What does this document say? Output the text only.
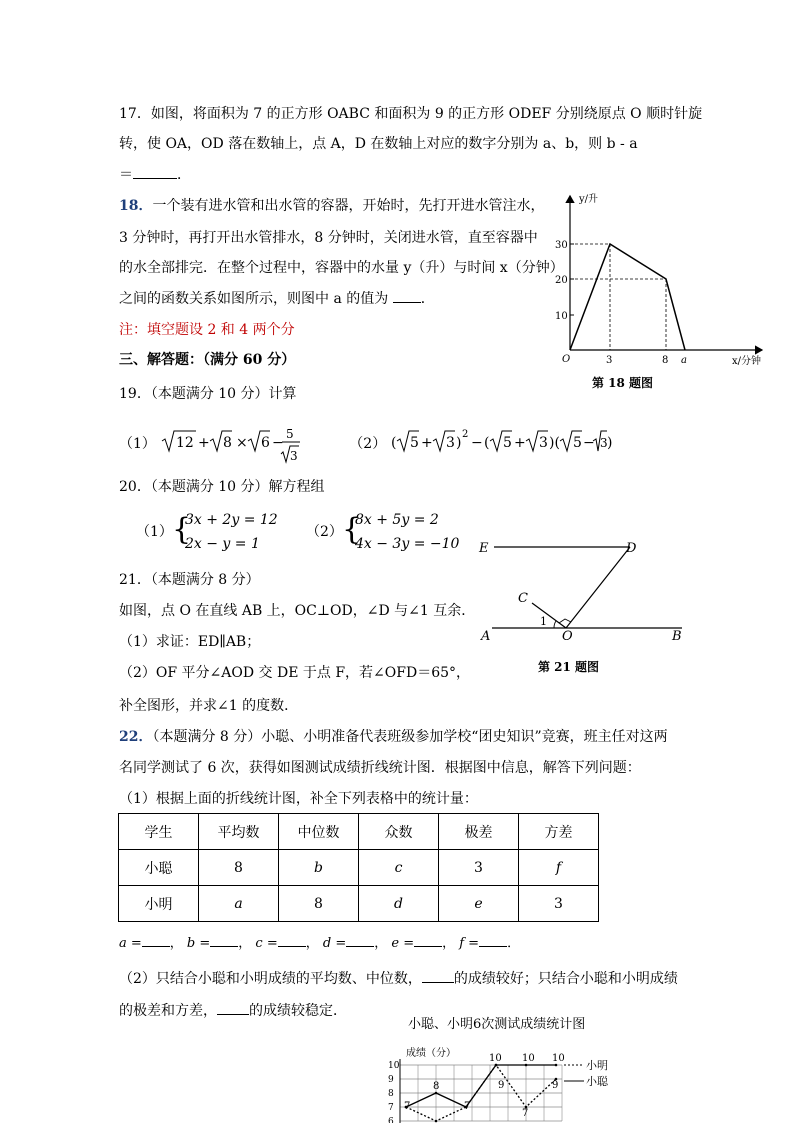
17．如图，将面积为 7 的正方形 OABC 和面积为 9 的正方形 ODEF 分别绕原点 O 顺时针旋
转，使 OA，OD 落在数轴上，点 A，D 在数轴上对应的数字分别为 a、b，则 b - a
＝	．
18．一个装有进水管和出水管的容器，开始时，先打开进水管注水，
3 分钟时，再打开出水管排水，8 分钟时，关闭进水管，直至容器中
的水全部排完．在整个过程中，容器中的水量 y（升）与时间 x（分钟）
之间的函数关系如图所示，则图中 a 的值为 ．
注：填空题设 2 和 4 两个分
三、解答题：（满分 60 分）
y/升
x/分钟
30
20
10
O	3	8 a
第 18 题图
19．（本题满分 10 分）计算
（1） 12 + 8 × 6 −
5
3
（2） ( 5 + 3 )
2
− ( 5 + 3 )( 5 − 3 )
20．（本题满分 10 分）解方程组
（1） {
3x + 2y = 12
2x − y = 1
（2） {
8x + 5y = 2
4x − 3y = −10 E	D
C
1
A	O	B
第 21 题图
21．（本题满分 8 分）
如图，点 O 在直线 AB 上，OC⊥OD，∠D 与∠1 互余．
（1）求证：ED∥AB；
（2）OF 平分∠AOD 交 DE 于点 F，若∠OFD＝65°，
补全图形，并求∠1 的度数．
22．（本题满分 8 分）小聪、小明准备代表班级参加学校“团史知识”竞赛，班主任对这两
名同学测试了 6 次，获得如图测试成绩折线统计图．根据图中信息，解答下列问题：
（1）根据上面的折线统计图，补全下列表格中的统计量：
学生	平均数	中位数	众数	极差	方差
小聪	8	b	c	3	f
小明	a	8	d	e	3
a = ， b = ， c = ， d = ， e = ， f = ．
（2）只结合小聪和小明成绩的平均数、中位数， 的成绩较好；只结合小聪和小明成绩
的极差和方差， 的成绩较稳定．
小聪、小明6次测试成绩统计图
成绩（分）
10
9
8
7
6
7
8
7
10
9
10
7
10
9
小明
小聪
